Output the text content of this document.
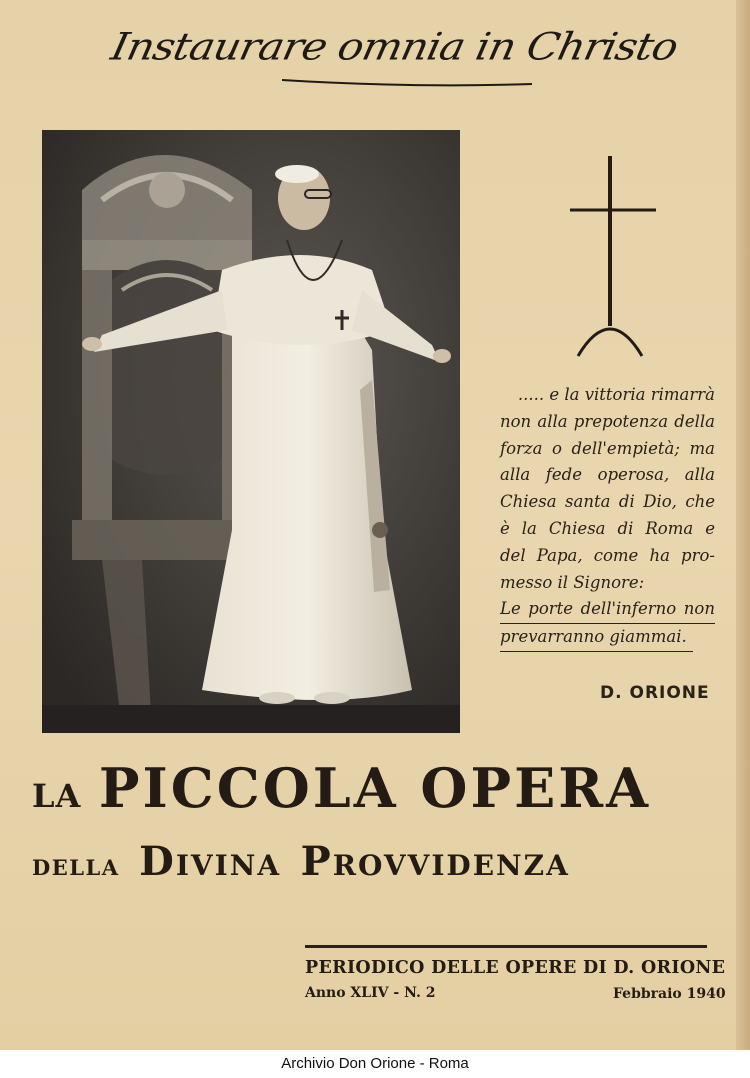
Instaurare omnia in Christo
..... e la vittoria rimarrà
non alla prepotenza della
forza o dell'empietà; ma
alla fede operosa, alla
Chiesa santa di Dio, che
è la Chiesa di Roma e
del Papa, come ha pro-
messo il Signore:
Le porte dell'inferno non
prevarranno giammai.
D. ORIONE
LA PICCOLA OPERA
della Divina Provvidenza
PERIODICO DELLE OPERE DI D. ORIONE
Anno XLIV - N. 2	Febbraio 1940
Archivio Don Orione - Roma
